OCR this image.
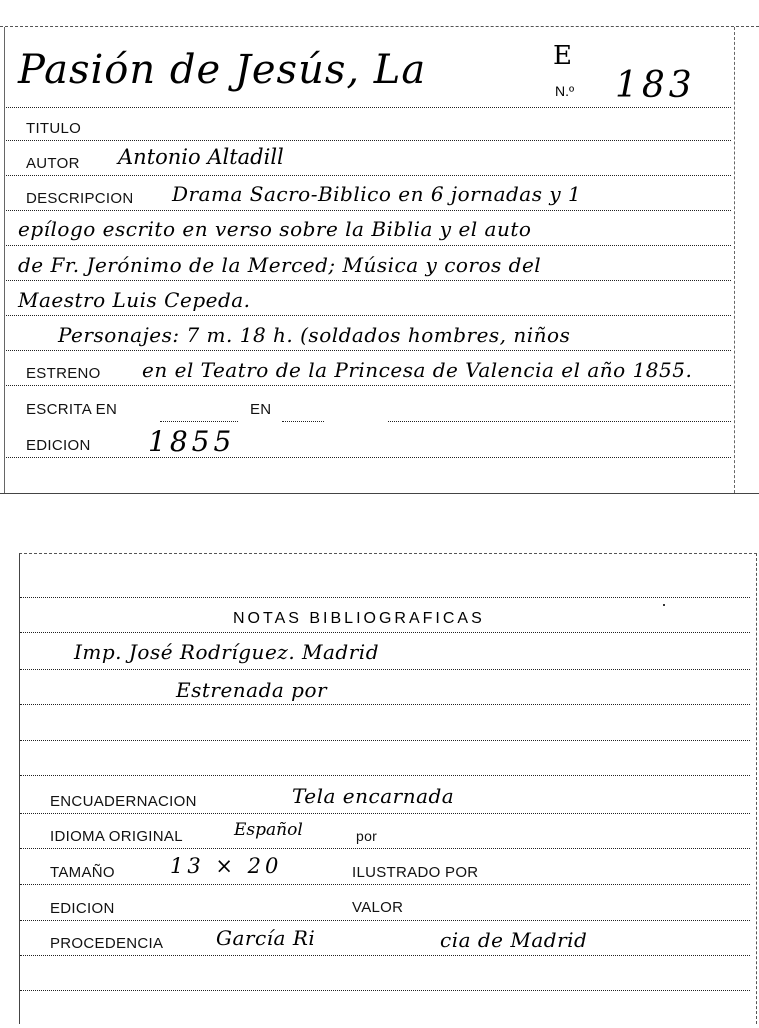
Pasión de Jesús, La	E
N.º 183
TITULO
AUTOR Antonio Altadill
DESCRIPCION Drama Sacro-Biblico en 6 jornadas y 1
epílogo escrito en verso sobre la Biblia y el auto
de Fr. Jerónimo de la Merced; Música y coros del
Maestro Luis Cepeda.
Personajes: 7 m. 18 h. (soldados hombres, niños
ESTRENO en el Teatro de la Princesa de Valencia el año 1855.
ESCRITA EN	EN
EDICION 1855
NOTAS BIBLIOGRAFICAS
Imp. José Rodríguez. Madrid
Estrenada por
ENCUADERNACION	Tela encarnada
IDIOMA ORIGINAL	Español	por
TAMAÑO	13 × 20	ILUSTRADO POR
EDICION	VALOR
PROCEDENCIA	García Ri	cia de Madrid
